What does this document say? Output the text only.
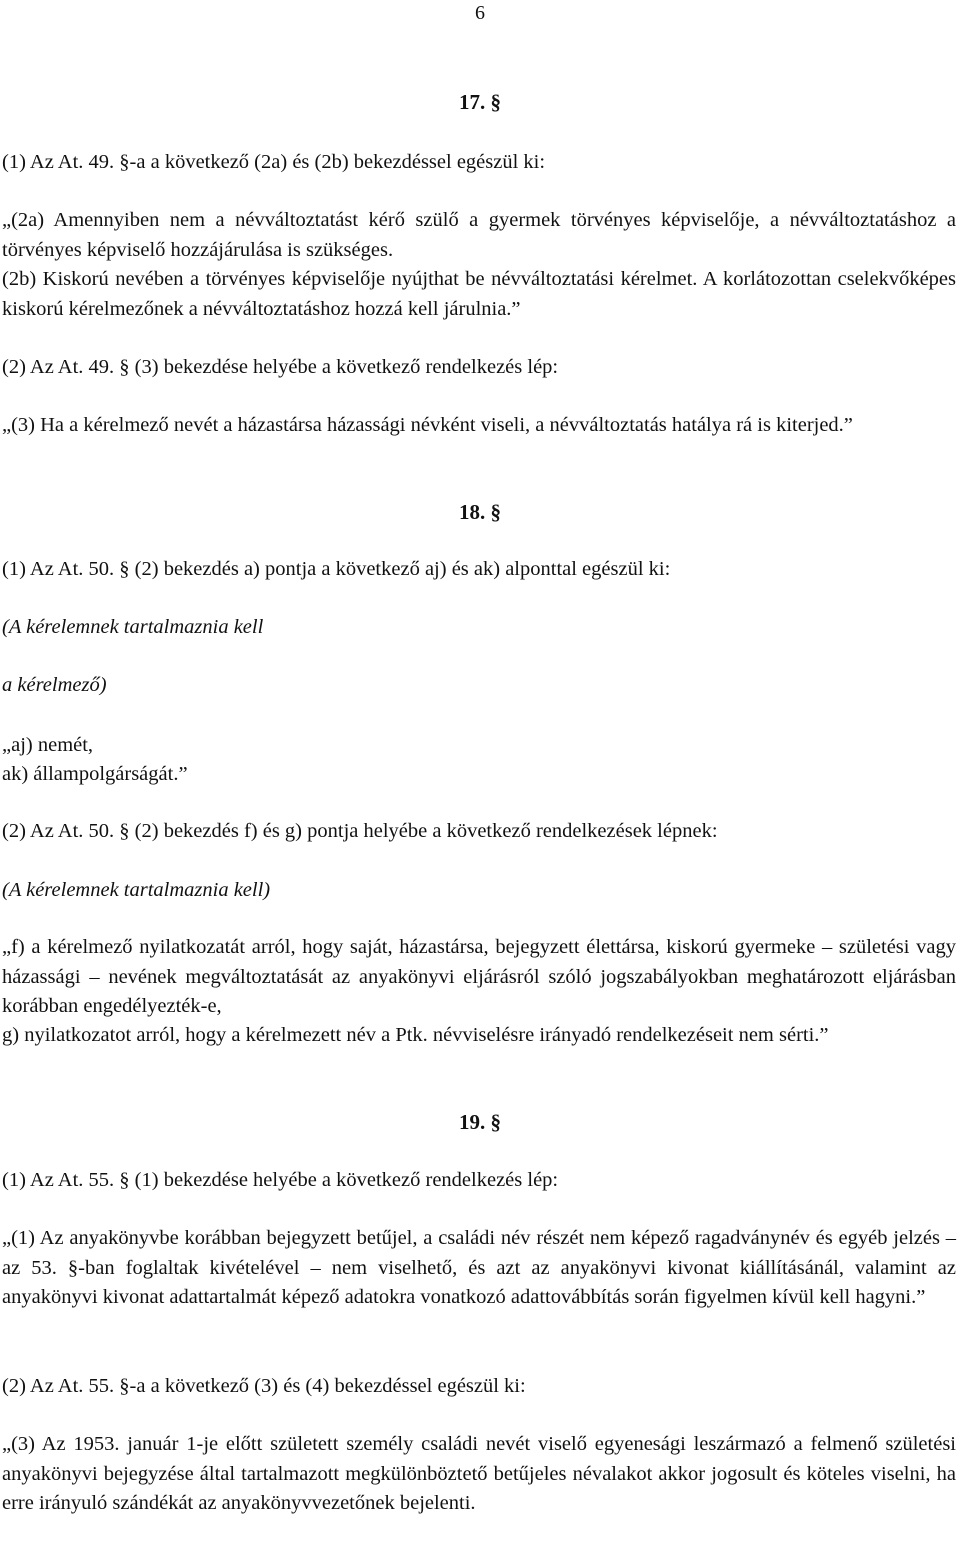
6
17. §

(1) Az At. 49. §-a a következő (2a) és (2b) bekezdéssel egészül ki:

„(2a) Amennyiben nem a névváltoztatást kérő szülő a gyermek törvényes képviselője, a névváltoztatáshoz a törvényes képviselő hozzájárulása is szükséges.

(2b) Kiskorú nevében a törvényes képviselője nyújthat be névváltoztatási kérelmet. A korlátozottan cselekvőképes kiskorú kérelmezőnek a névváltoztatáshoz hozzá kell járulnia.”

(2) Az At. 49. § (3) bekezdése helyébe a következő rendelkezés lép:

„(3) Ha a kérelmező nevét a házastársa házassági névként viseli, a névváltoztatás hatálya rá is kiterjed.”

18. §

(1) Az At. 50. § (2) bekezdés a) pontja a következő aj) és ak) alponttal egészül ki:

(A kérelemnek tartalmaznia kell

a kérelmező)

„aj) nemét,

ak) állampolgárságát.”

(2) Az At. 50. § (2) bekezdés f) és g) pontja helyébe a következő rendelkezések lépnek:

(A kérelemnek tartalmaznia kell)

„f) a kérelmező nyilatkozatát arról, hogy saját, házastársa, bejegyzett élettársa, kiskorú gyermeke – születési vagy házassági – nevének megváltoztatását az anyakönyvi eljárásról szóló jogszabályokban meghatározott eljárásban korábban engedélyezték-e,

g) nyilatkozatot arról, hogy a kérelmezett név a Ptk. névviselésre irányadó rendelkezéseit nem sérti.”

19. §

(1) Az At. 55. § (1) bekezdése helyébe a következő rendelkezés lép:

„(1) Az anyakönyvbe korábban bejegyzett betűjel, a családi név részét nem képező ragadványnév és egyéb jelzés – az 53. §-ban foglaltak kivételével – nem viselhető, és azt az anyakönyvi kivonat kiállításánál, valamint az anyakönyvi kivonat adattartalmát képező adatokra vonatkozó adattovábbítás során figyelmen kívül kell hagyni.”

(2) Az At. 55. §-a a következő (3) és (4) bekezdéssel egészül ki:

„(3) Az 1953. január 1-je előtt született személy családi nevét viselő egyenesági leszármazó a felmenő születési anyakönyvi bejegyzése által tartalmazott megkülönböztető betűjeles névalakot akkor jogosult és köteles viselni, ha erre irányuló szándékát az anyakönyvvezetőnek bejelenti.
